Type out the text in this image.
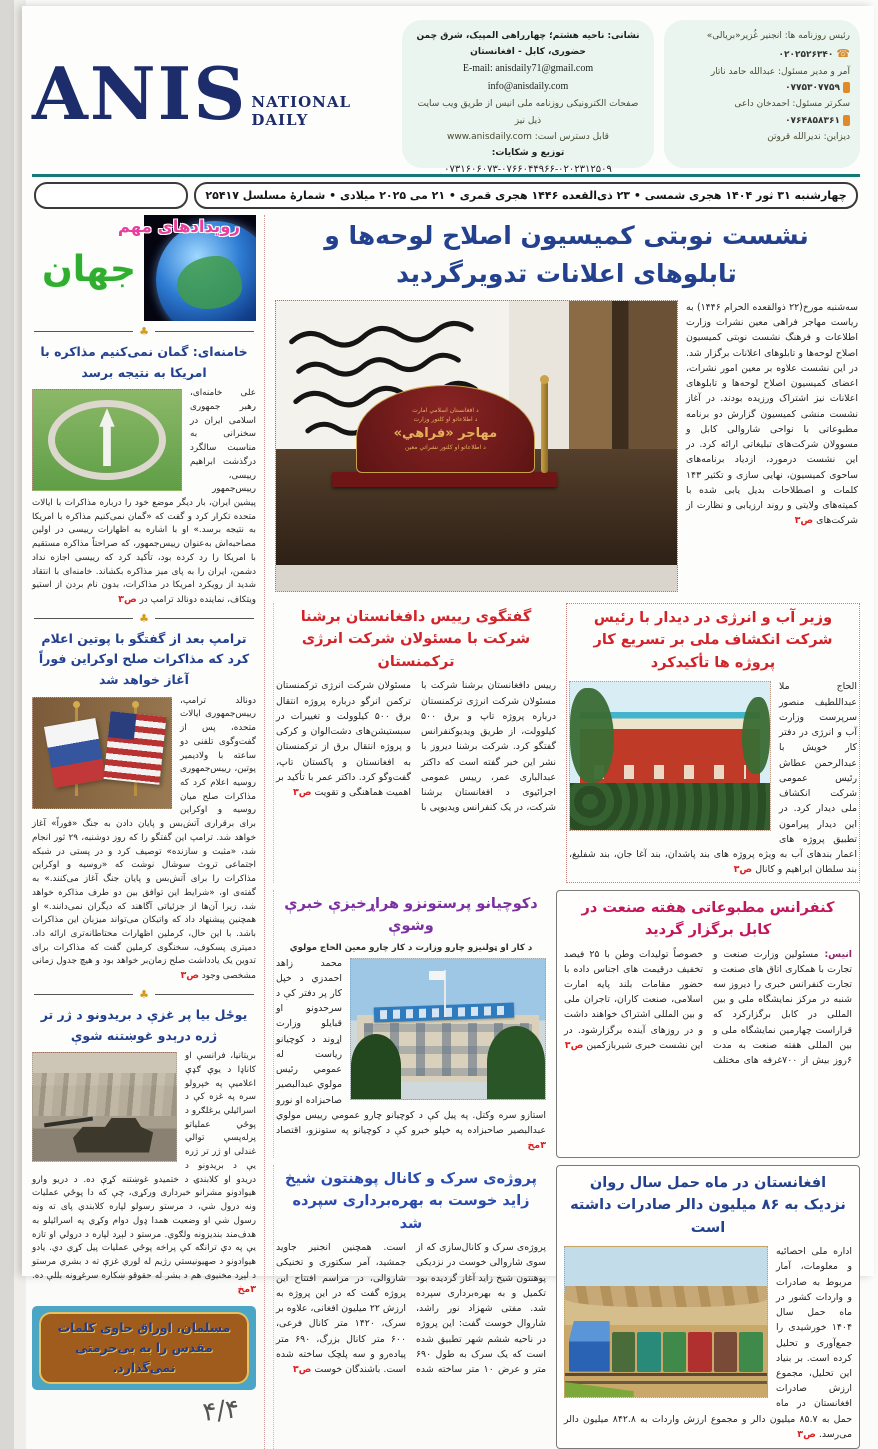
رئیس روزنامه ها: انجنیر غُزیر«بریالی»
☎ ۰۲۰۲۵۲۶۳۴۰
آمر و مدیر مسئول: عبدالله حامد ناتار
۰۷۷۵۳۰۷۷۵۹
سکرتر مسئول: احمدخان داعی
۰۷۶۴۸۵۸۳۶۱
دیزاین: ندیرالله قروتن
نشانی: ناحیه هشتم؛ چهارراهی المپیک، شرق چمن
حضوری، کابل - افغانستان
E-mail: anisdaily71@gmail.com
info@anisdaily.com
صفحات الکترونیکی روزنامه ملی انیس از طریق ویب سایت ذیل نیز
قابل دسترس است: www.anisdaily.com
توزیع و شکایات:
۰۷۳۱۶۰۶۰۷۳-۰۷۶۶۰۴۴۹۶۶-۰۲۰۲۳۱۲۵۰۹
ANIS NATIONAL DAILY
چهارشنبه ۳۱ ثور ۱۴۰۴ هجری شمسی • ۲۳ ذی‌القعده ۱۴۴۶ هجری قمری • ۲۱ می ۲۰۲۵ میلادی • شمارهٔ مسلسل ۲۵۴۱۷
نشست نوبتی کمیسیون اصلاح لوحه‌ها و تابلوهای اعلانات تدویرگردید

سه‌شنبه مورخ(۲۲ ذوالقعده الحرام ۱۴۴۶) به ریاست مهاجر فراهی معین نشرات وزارت اطلاعات و فرهنگ نشست نوبتی کمیسیون اصلاح لوحه‌ها و تابلوهای اعلانات برگزار شد. در این نشست علاوه بر معین امور نشرات، اعضای کمیسیون اصلاح لوحه‌ها و تابلوهای اعلانات نیز اشتراک ورزیده بودند. در آغاز نشست منشی کمیسیون گزارش دو برنامه مطبوعاتی با نواحی شاروالی کابل و مسوولان شرکت‌های تبلیغاتی ارائه کرد. در این نشست درمورد، ازدیاد برنامه‌های ساحوی کمیسیون، نهایی سازی و تکثیر ۱۴۳ کلمات و اصطلاحات بدیل یابی شده با کمیته‌های ولایتی و روند ارزیابی و نظارت از شرکت‌های ص۳

د افغانستان اسلامي امارت
د اطلاعاتو او کلتور وزارت
مهاجر «فراهي»
د اطلاعاتو او کلتور نشراتي معین
وزیر آب و انرژی در دیدار با رئیس شرکت انکشاف ملی بر تسریع کار پروژه ها تأکیدکرد

الحاج ملا عبداللطیف منصور سرپرست وزارت آب و انرژی در دفتر کار خویش با عبدالرحمن عطاش رئیس عمومی شرکت انکشاف ملی دیدار کرد. در این دیدار پیرامون تطبیق پروژه های اعمار بندهای آب به ویژه پروژه های بند پاشدان، بند آغا جان، بند شفلیغ، بند سلطان ابراهیم و کانال ص۳

گفتگوی رییس دافغانستان برشنا شرکت با مسئولان شرکت انرژی ترکمنستان
رییس دافغانستان برشنا شرکت با مسئولان شرکت انرژی ترکمنستان درباره پروژه تاپ و برق ۵۰۰ کیلوولت، از طریق ویدیوکنفرانس گفتگو کرد. شرکت برشنا دیروز با نشر این خبر گفته است که داکتر عبدالباری عمر، رییس عمومی اجرائیوی د افغانستان برشنا شرکت، در یک کنفرانس ویدیویی با مسئولان شرکت انرژی ترکمنستان ترکمن انرگو درباره پروژه انتقال برق ۵۰۰ کیلوولت و تغییرات در سبستیشن‌های دشت‌الوان و کرکی و پروژه انتقال برق از ترکمنستان به افغانستان و پاکستان تاپ، گفت‌وگو کرد. داکتر عمر با تأکید بر اهمیت هماهنگی و تقویت ص۳
کنفرانس مطبوعاتی هفته صنعت در کابل برگزار گردید
انیس: مسئولین وزارت صنعت و تجارت با همکاری اتاق های صنعت و تجارت کنفرانس خبری را دیروز سه شنبه در مرکز نمایشگاه ملی و بین المللی در کابل برگزارکرد که قراراست چهارمین نمایشگاه ملی و بین المللی هفته صنعت به مدت ۶روز بیش از ۷۰۰غرفه های مختلف خصوصاً تولیدات وطن با ۲۵ فیصد تخفیف درقیمت های اجناس داده با حضور مقامات بلند پایه امارت اسلامی، صنعت کاران، تاجران ملی و بین المللی اشتراک خواهند داشت و در روزهای آینده برگزارشود. در این نشست خبری شیربازکمین ص۳
دکوچیانو پرستونزو هراړخیزې خبرې وشوې

د کار او ټولنیزو چارو وزارت د کار چارو معین الحاج مولوي

محمد زاهد احمدزي د خپل کار پر دفتر کې د سرحدونو او قبایلو وزارت اړوند د کوچیانو ریاست له عمومي رئیس مولوي عبدالبصیر صاحبزاده او نورو استازو سره وکتل. په پیل کې د کوچیانو چارو عمومي رییس مولوي عبدالبصیر صاحبزاده په خپلو خبرو کې د کوچیانو په ستونزو، اقتصاد ۳مخ

افغانستان در ماه حمل سال روان نزدیک به ۸۶ میلیون دالر صادرات داشته است

اداره ملی احصائیه و معلومات، آمار مربوط به صادرات و واردات کشور در ماه حمل سال ۱۴۰۴ خورشیدی را جمع‌آوری و تحلیل کرده است. بر بنیاد این تحلیل، مجموع ارزش صادرات افغانستان در ماه حمل به ۸۵.۷ میلیون دالر و مجموع ارزش واردات به ۸۴۲.۸ میلیون دالر می‌رسد. ص۳

پروژه‌ی سرک و کانال پوهنتون شیخ زاید خوست به بهره‌برداری سپرده شد
پروژه‌ی سرک و کانال‌سازی که از سوی شاروالی خوست در نزدیکی پوهنتون شیخ زاید آغاز گردیده بود تکمیل و به بهره‌برداری سپرده شد. مفتی شهزاد نور راشد، شاروال خوست گفت: این پروژه در ناحیه ششم شهر تطبیق شده است که یک سرک به طول ۶۹۰ متر و عرض ۱۰ متر ساخته شده است. همچنین انجنیر جاوید جمشید، آمر سکتوری و تخنیکی شاروالی، در مراسم افتتاح این پروژه گفت که در این پروژه به ارزش ۲۲ میلیون افغانی، علاوه بر سرک، ۱۴۲۰ متر کانال فرعی، ۶۰۰ متر کانال بزرگ، ۶۹۰ متر پیاده‌رو و سه پلچک ساخته شده است. باشندگان خوست ص۳
رویدادهای مهم
جهان
♣
خامنه‌ای: گمان نمی‌کنیم مذاکره با امریکا به نتیجه برسد

علی خامنه‌ای، رهبر جمهوری اسلامی ایران در سخنرانی به مناسبت سالگرد درگذشت ابراهیم رییسی، رییس‌جمهور پیشین ایران، بار دیگر موضع خود را درباره مذاکرات با ایالات متحده تکرار کرد و گفت که «گمان نمی‌کنیم مذاکره با امریکا به نتیجه برسد.» او با اشاره به اظهارات رییسی در اولین مصاحبه‌اش به‌عنوان رییس‌جمهور، که صراحتاً مذاکره مستقیم با امریکا را رد کرده بود، تأکید کرد که رییسی اجازه نداد دشمن، ایران را به پای میز مذاکره بکشاند. خامنه‌ای با انتقاد شدید از رویکرد امریکا در مذاکرات، بدون نام بردن از استیو ویتکاف، نماینده دونالد ترامپ در ص۳

♣
ترامپ بعد از گفتگو با پوتین اعلام کرد که مذاکرات صلح اوکراین فوراً آغاز خواهد شد

دونالد ترامپ، رییس‌جمهوری ایالات متحده، پس از گفت‌وگوی تلفنی دو ساعته با ولادیمیر پوتین، رییس‌جمهوری روسیه اعلام کرد که مذاکرات صلح میان روسیه و اوکراین برای برقراری آتش‌بس و پایان دادن به جنگ «فوراً» آغاز خواهد شد. ترامپ این گفتگو را که روز دوشنبه، ۲۹ ثور انجام شد، «مثبت و سازنده» توصیف کرد و در پستی در شبکه اجتماعی تروث سوشال نوشت که «روسیه و اوکراین مذاکرات را برای آتش‌بس و پایان جنگ آغاز می‌کنند.» به گفته‌ی او، «شرایط این توافق بین دو طرف مذاکره خواهد شد، زیرا آن‌ها از جزئیاتی آگاهند که دیگران نمی‌دانند.» او همچنین پیشنهاد داد که واتیکان می‌تواند میزبان این مذاکرات باشد. با این حال، کرملین اظهارات محتاطانه‌تری ارائه داد. دمیتری پسکوف، سخنگوی کرملین گفت که مذاکرات برای تدوین یک یادداشت صلح زمان‌بر خواهد بود و هیچ جدول زمانی مشخصی وجود ص۳

♣
يوځل بيا پر غزې د بريدونو د ژر تر ژره درېدو غوښتنه شوې

بریتانیا، فرانسې او کاناډا د یوې ګډې اعلامیې په خپرولو سره په غزه کې د اسرائیلي یرغلګرو د پوځي عملیاتو پرله‌پسې توالي غندلی او ژر تر ژره یې د بریدونو د دریدو او کلابندۍ د ختمیدو غوښتنه کړې ده. د دریو وارو هیوادونو مشرانو خبرداری ورکړی، چې که دا پوځي عملیات ونه درول شي، د مرستو رسولو لپاره کلابندي پای ته ونه رسول شي او وضعیت همدا ډول دوام وکړي په اسرائیلو به هدف‌مند بندیزونه ولګوي. مرستو د لېږد لپاره د درولي او تازه یې په دې ترانګه کې پراخه پوځي عملیات پیل کړي دي. یادو هیوادونو د صهیونیستي رژیم له لوري غزې ته د بشري مرستو د لېږد مخنیوی هم د بشر له حقوقو ښکاره سرغړونه بللې ده. ۳مخ

مسلمان، اوراق حاوی کلمات مقدس را به بی‌حرمتی نمی‌گذارد.
۴/۴
